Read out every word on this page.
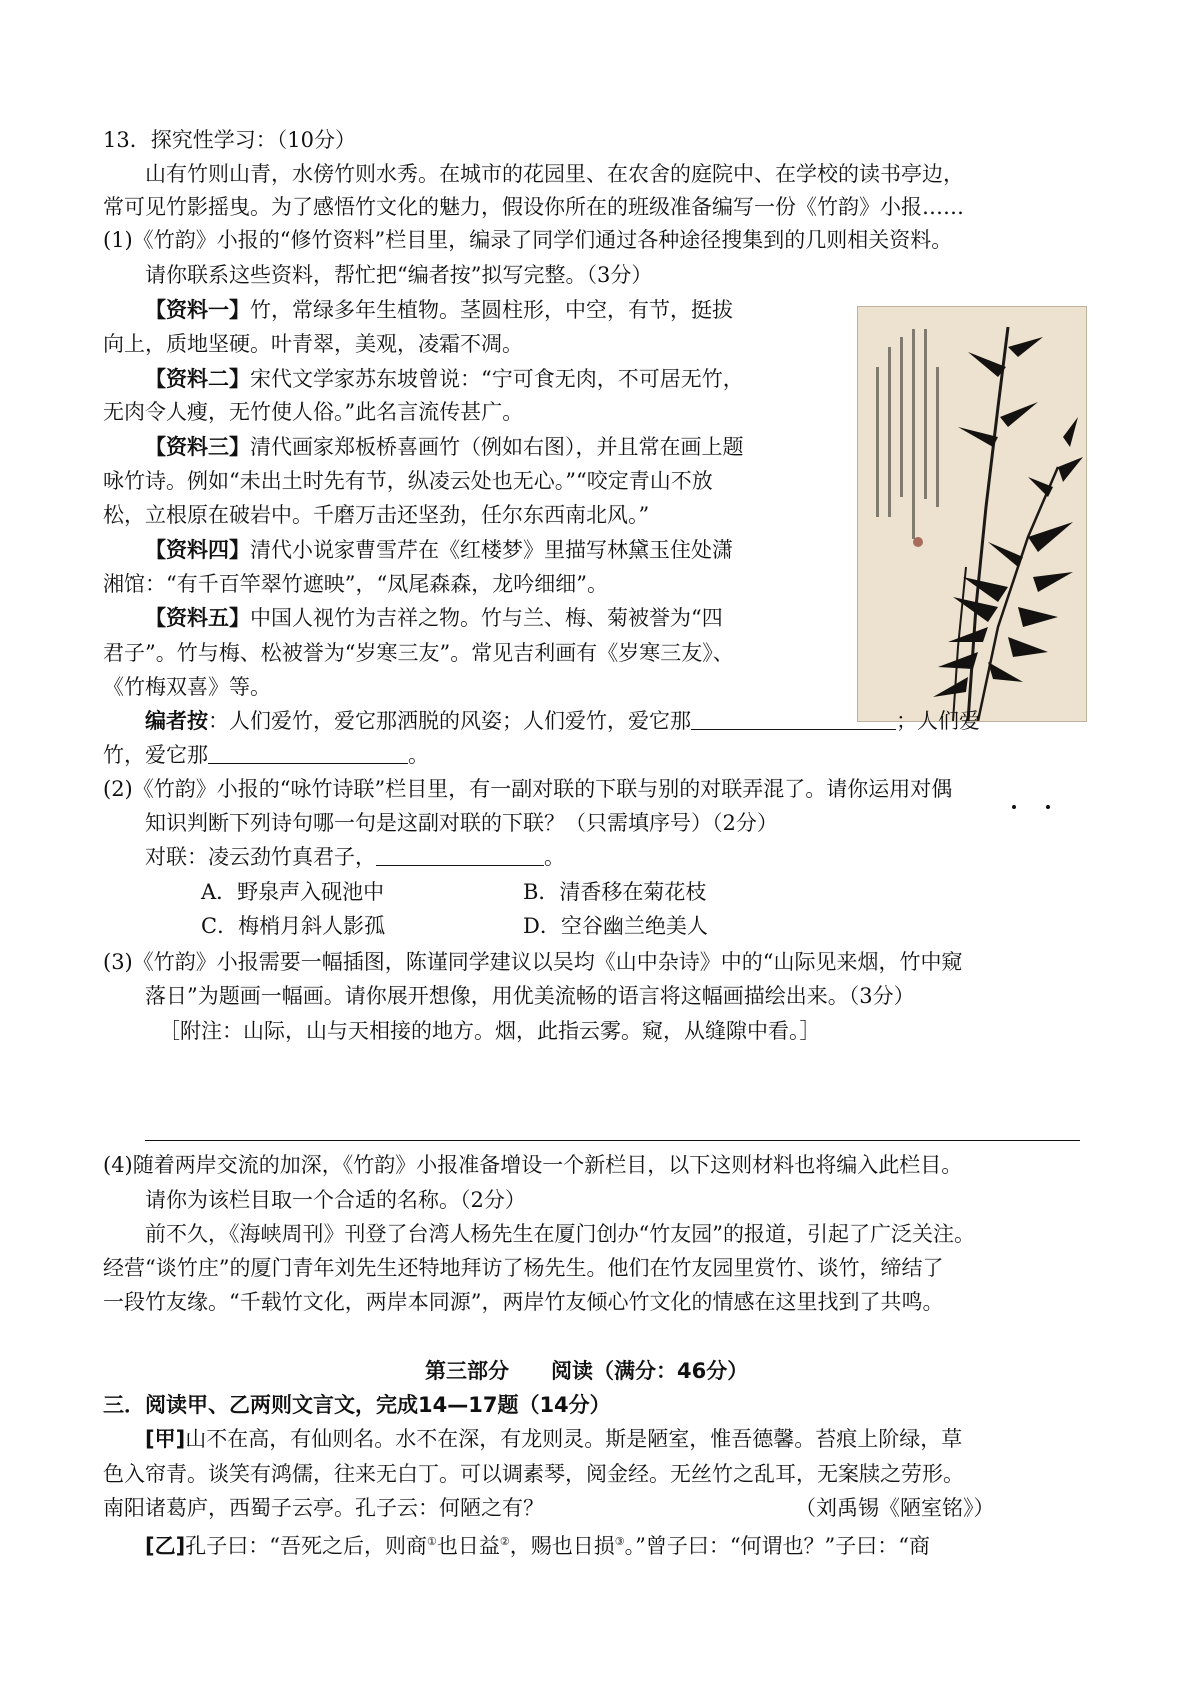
13．探究性学习：（10分）
山有竹则山青，水傍竹则水秀。在城市的花园里、在农舍的庭院中、在学校的读书亭边，
常可见竹影摇曳。为了感悟竹文化的魅力，假设你所在的班级准备编写一份《竹韵》小报……
(1)《竹韵》小报的“修竹资料”栏目里，编录了同学们通过各种途径搜集到的几则相关资料。
请你联系这些资料，帮忙把“编者按”拟写完整。（3分）
【资料一】竹，常绿多年生植物。茎圆柱形，中空，有节，挺拔
向上，质地坚硬。叶青翠，美观，凌霜不凋。
【资料二】宋代文学家苏东坡曾说：“宁可食无肉，不可居无竹，
无肉令人瘦，无竹使人俗。”此名言流传甚广。
【资料三】清代画家郑板桥喜画竹（例如右图），并且常在画上题
咏竹诗。例如“未出土时先有节，纵凌云处也无心。”“咬定青山不放
松，立根原在破岩中。千磨万击还坚劲，任尔东西南北风。”
【资料四】清代小说家曹雪芹在《红楼梦》里描写林黛玉住处潇
湘馆：“有千百竿翠竹遮映”，“凤尾森森，龙吟细细”。
【资料五】中国人视竹为吉祥之物。竹与兰、梅、菊被誉为“四
君子”。竹与梅、松被誉为“岁寒三友”。常见吉利画有《岁寒三友》、
《竹梅双喜》等。
编者按：人们爱竹，爱它那洒脱的风姿；人们爱竹，爱它那	；人们爱
竹，爱它那	。
(2)《竹韵》小报的“咏竹诗联”栏目里，有一副对联的下联与别的对联弄混了。请你运用对偶
知识判断下列诗句哪一句是这副对联的下联？（只需填序号）（2分）
对联：凌云劲竹真君子，	。
A．野泉声入砚池中	B．清香移在菊花枝
C．梅梢月斜人影孤	D．空谷幽兰绝美人
(3)《竹韵》小报需要一幅插图，陈谨同学建议以吴均《山中杂诗》中的“山际见来烟，竹中窥
落日”为题画一幅画。请你展开想像，用优美流畅的语言将这幅画描绘出来。（3分）
［附注：山际，山与天相接的地方。烟，此指云雾。窥，从缝隙中看。］
(4)随着两岸交流的加深，《竹韵》小报准备增设一个新栏目，以下这则材料也将编入此栏目。
请你为该栏目取一个合适的名称。（2分）
前不久，《海峡周刊》刊登了台湾人杨先生在厦门创办“竹友园”的报道，引起了广泛关注。
经营“谈竹庄”的厦门青年刘先生还特地拜访了杨先生。他们在竹友园里赏竹、谈竹，缔结了
一段竹友缘。“千载竹文化，两岸本同源”，两岸竹友倾心竹文化的情感在这里找到了共鸣。
第三部分　　阅读（满分：46分）
三．阅读甲、乙两则文言文，完成14—17题（14分）
[甲]山不在高，有仙则名。水不在深，有龙则灵。斯是陋室，惟吾德馨。苔痕上阶绿，草
色入帘青。谈笑有鸿儒，往来无白丁。可以调素琴，阅金经。无丝竹之乱耳，无案牍之劳形。
南阳诸葛庐，西蜀子云亭。孔子云：何陋之有？	（刘禹锡《陋室铭》）
[乙]孔子曰：“吾死之后，则商①也日益②，赐也日损③。”曾子曰：“何谓也？”子曰：“商
